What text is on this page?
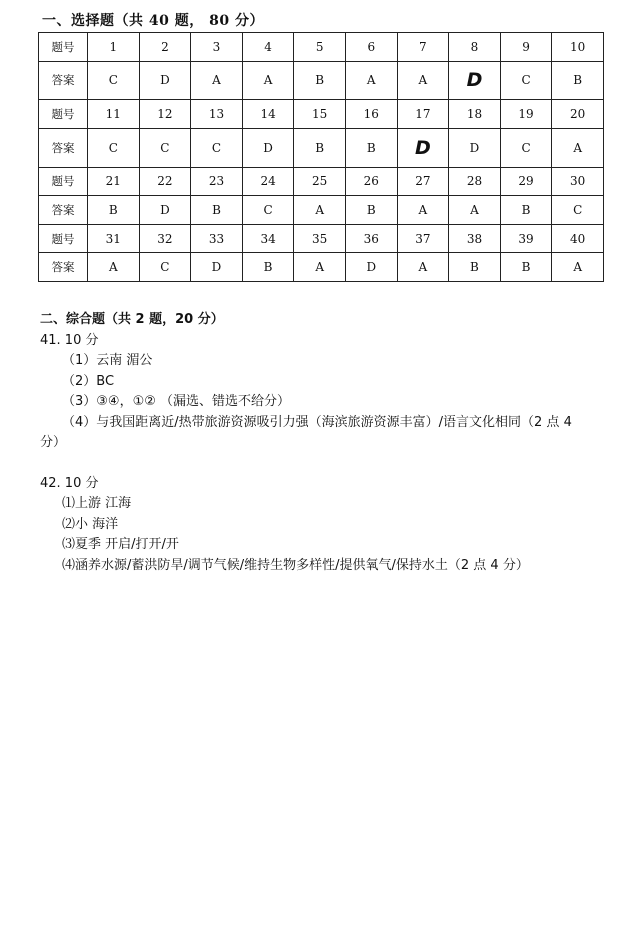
一、选择题（共 40 题， 80 分）
题号	1	2	3	4	5	6	7	8	9	10
答案	C	D	A	A	B	A	A	D	C	B
题号	11	12	13	14	15	16	17	18	19	20
答案	C	C	C	D	B	B	D	D	C	A
题号	21	22	23	24	25	26	27	28	29	30
答案	B	D	B	C	A	B	A	A	B	C
题号	31	32	33	34	35	36	37	38	39	40
答案	A	C	D	B	A	D	A	B	B	A
二、综合题（共 2 题，20 分）
41. 10 分
（1）云南 湄公
（2）BC
（3）③④，①② （漏选、错选不给分）
（4）与我国距离近/热带旅游资源吸引力强（海滨旅游资源丰富）/语言文化相同（2 点 4
分）
42. 10 分
⑴上游 江海
⑵小 海洋
⑶夏季 开启/打开/开
⑷涵养水源/蓄洪防旱/调节气候/维持生物多样性/提供氧气/保持水土（2 点 4 分）
